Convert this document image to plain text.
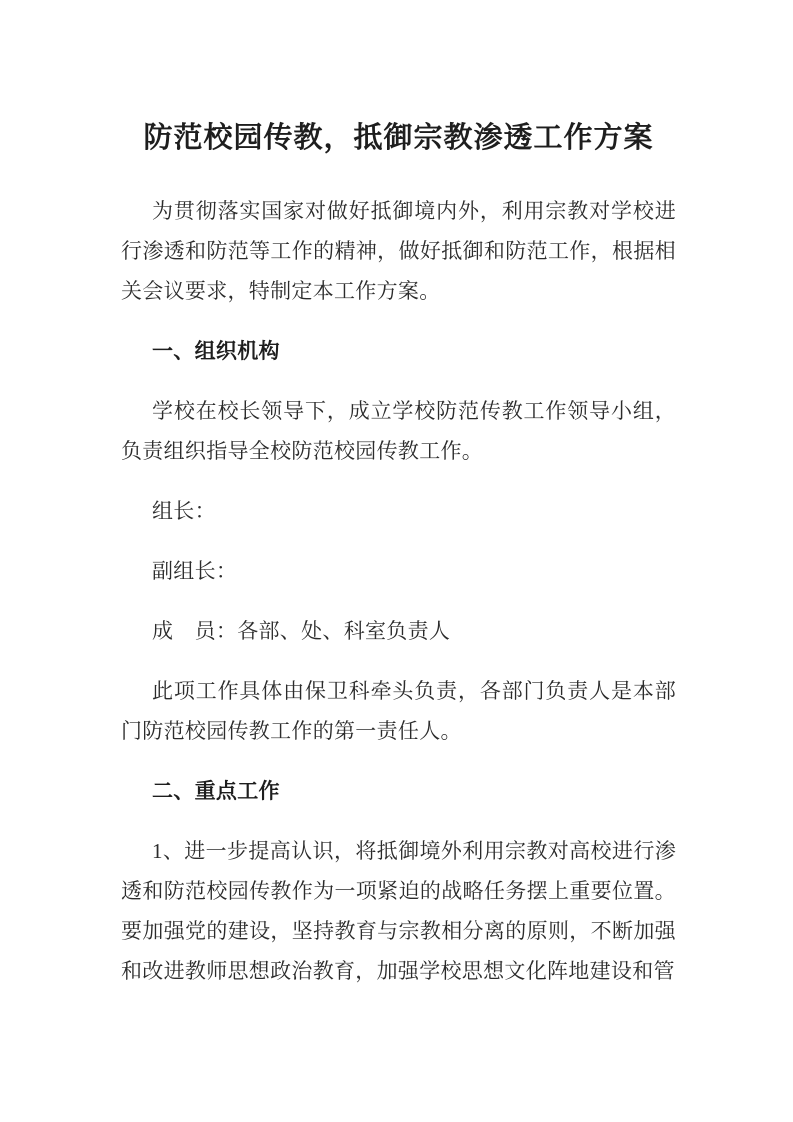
防范校园传教，抵御宗教渗透工作方案

为贯彻落实国家对做好抵御境内外，利用宗教对学校进行渗透和防范等工作的精神，做好抵御和防范工作，根据相关会议要求，特制定本工作方案。

一、组织机构

学校在校长领导下，成立学校防范传教工作领导小组，负责组织指导全校防范校园传教工作。

组长：

副组长：

成　员：各部、处、科室负责人

此项工作具体由保卫科牵头负责，各部门负责人是本部门防范校园传教工作的第一责任人。

二、重点工作

1、进一步提高认识，将抵御境外利用宗教对高校进行渗透和防范校园传教作为一项紧迫的战略任务摆上重要位置。要加强党的建设，坚持教育与宗教相分离的原则，不断加强和改进教师思想政治教育，加强学校思想文化阵地建设和管
